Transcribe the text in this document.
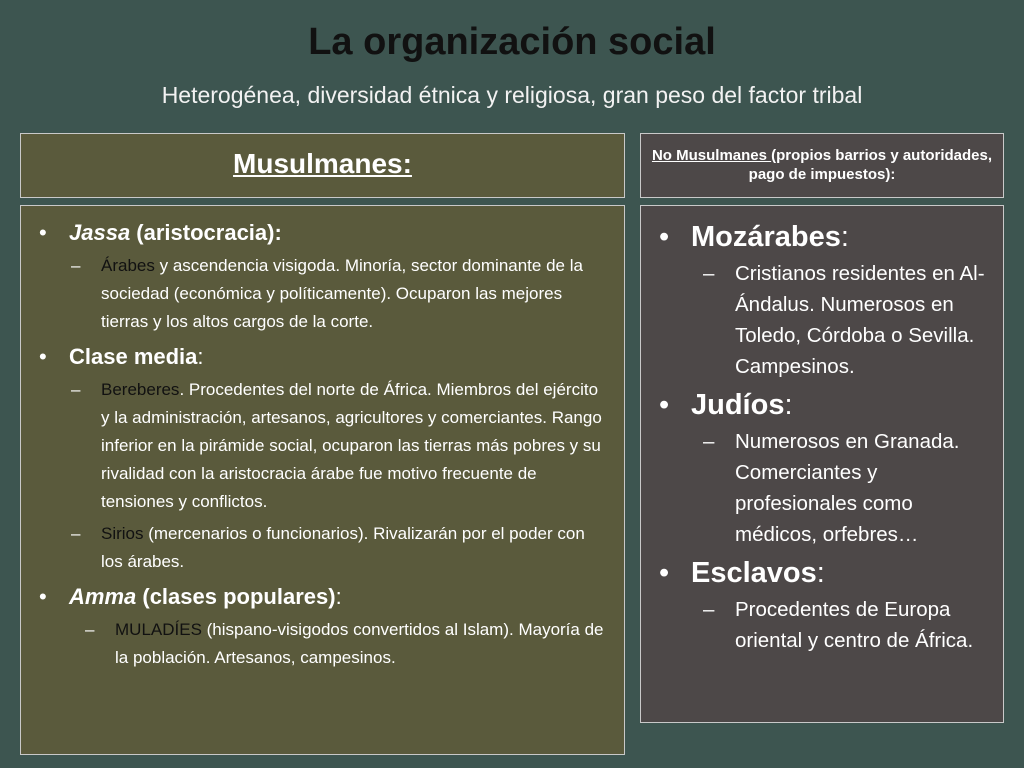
La organización social
Heterogénea, diversidad étnica y religiosa, gran peso del factor tribal
Musulmanes:	No Musulmanes (propios barrios y autoridades, pago de impuestos):

• Jassa (aristocracia):

– Árabes y ascendencia visigoda. Minoría, sector dominante de la sociedad (económica y políticamente). Ocuparon las mejores tierras y los altos cargos de la corte.

• Clase media:

– Bereberes. Procedentes del norte de África. Miembros del ejército y la administración, artesanos, agricultores y comerciantes. Rango inferior en la pirámide social, ocuparon las tierras más pobres y su rivalidad con la aristocracia árabe fue motivo frecuente de tensiones y conflictos.

– Sirios (mercenarios o funcionarios). Rivalizarán por el poder con los árabes.

• Amma (clases populares):

– MULADÍES (hispano-visigodos convertidos al Islam). Mayoría de la población. Artesanos, campesinos.

• Mozárabes:

– Cristianos residentes en Al-Ándalus. Numerosos en Toledo, Córdoba o Sevilla. Campesinos.

• Judíos:

– Numerosos en Granada. Comerciantes y profesionales como médicos, orfebres…

• Esclavos:

– Procedentes de Europa oriental y centro de África.
